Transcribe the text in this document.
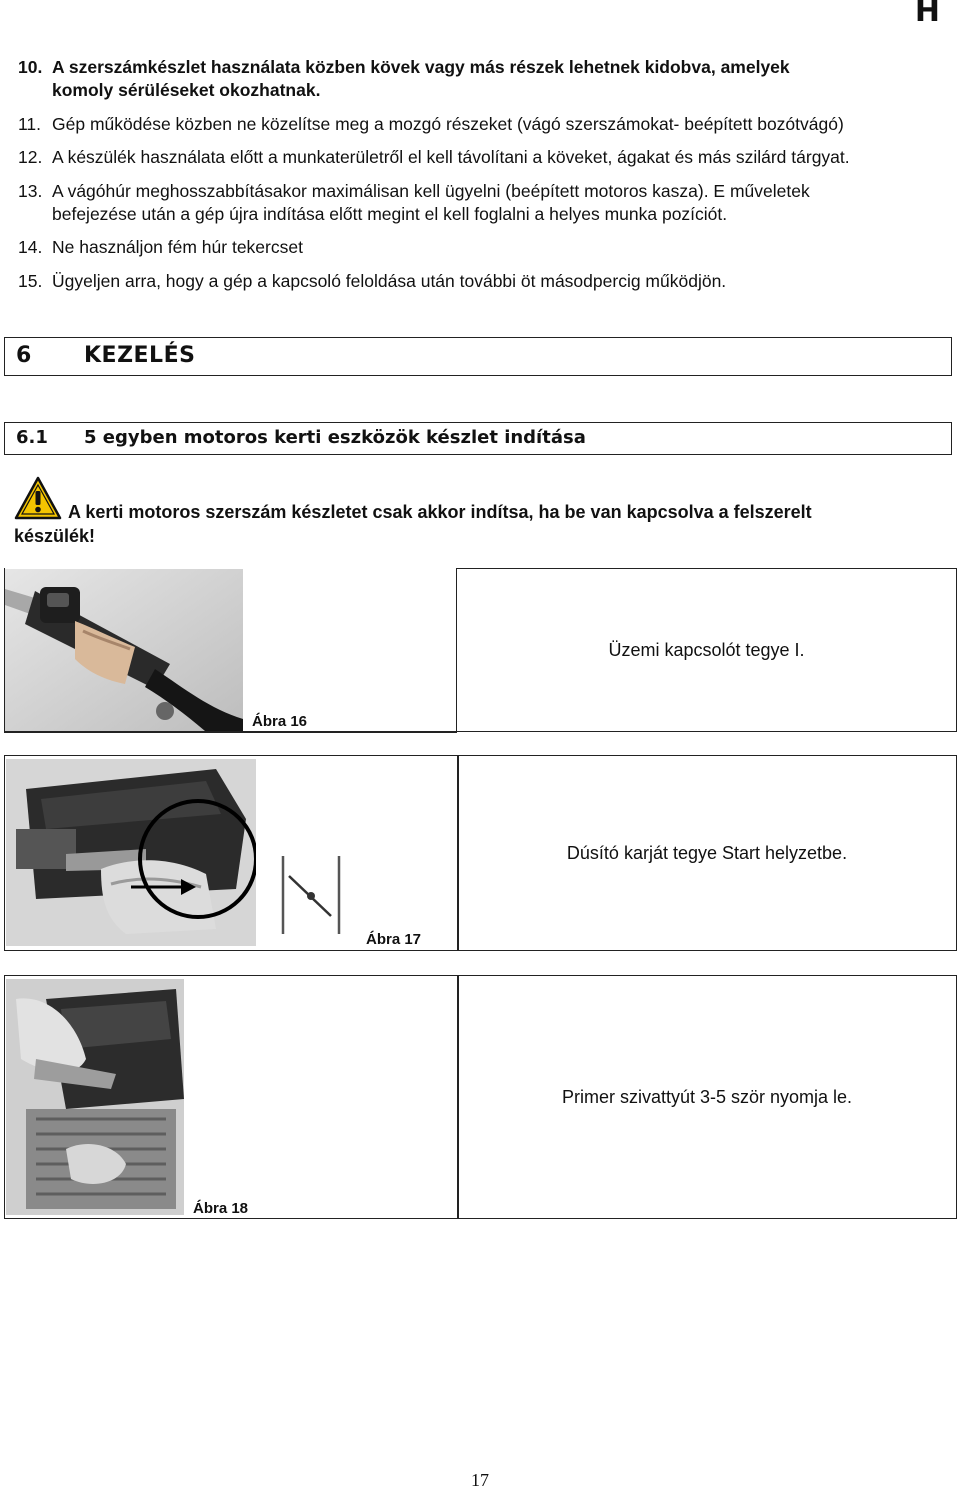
H
10. A szerszámkészlet használata közben kövek vagy más részek lehetnek kidobva, amelyek
komoly sérüléseket okozhatnak.
11. Gép működése közben ne közelítse meg a mozgó részeket (vágó szerszámokat- beépített bozótvágó)
12. A készülék használata előtt a munkaterületről el kell távolítani a köveket, ágakat és más szilárd tárgyat.
13. A vágóhúr meghosszabbításakor maximálisan kell ügyelni (beépített motoros kasza). E műveletek
befejezése után a gép újra indítása előtt megint el kell foglalni a helyes munka pozíciót.
14. Ne használjon fém húr tekercset
15. Ügyeljen arra, hogy a gép a kapcsoló feloldása után további öt másodpercig működjön.
6 KEZELÉS
6.1 5 egyben motoros kerti eszközök készlet indítása
A kerti motoros szerszám készletet csak akkor indítsa, ha be van kapcsolva a felszerelt
készülék!
Üzemi kapcsolót tegye I.
Ábra 16
Dúsító karját tegye Start helyzetbe.
Ábra 17
Primer szivattyút 3-5 ször nyomja le.
Ábra 18
17
